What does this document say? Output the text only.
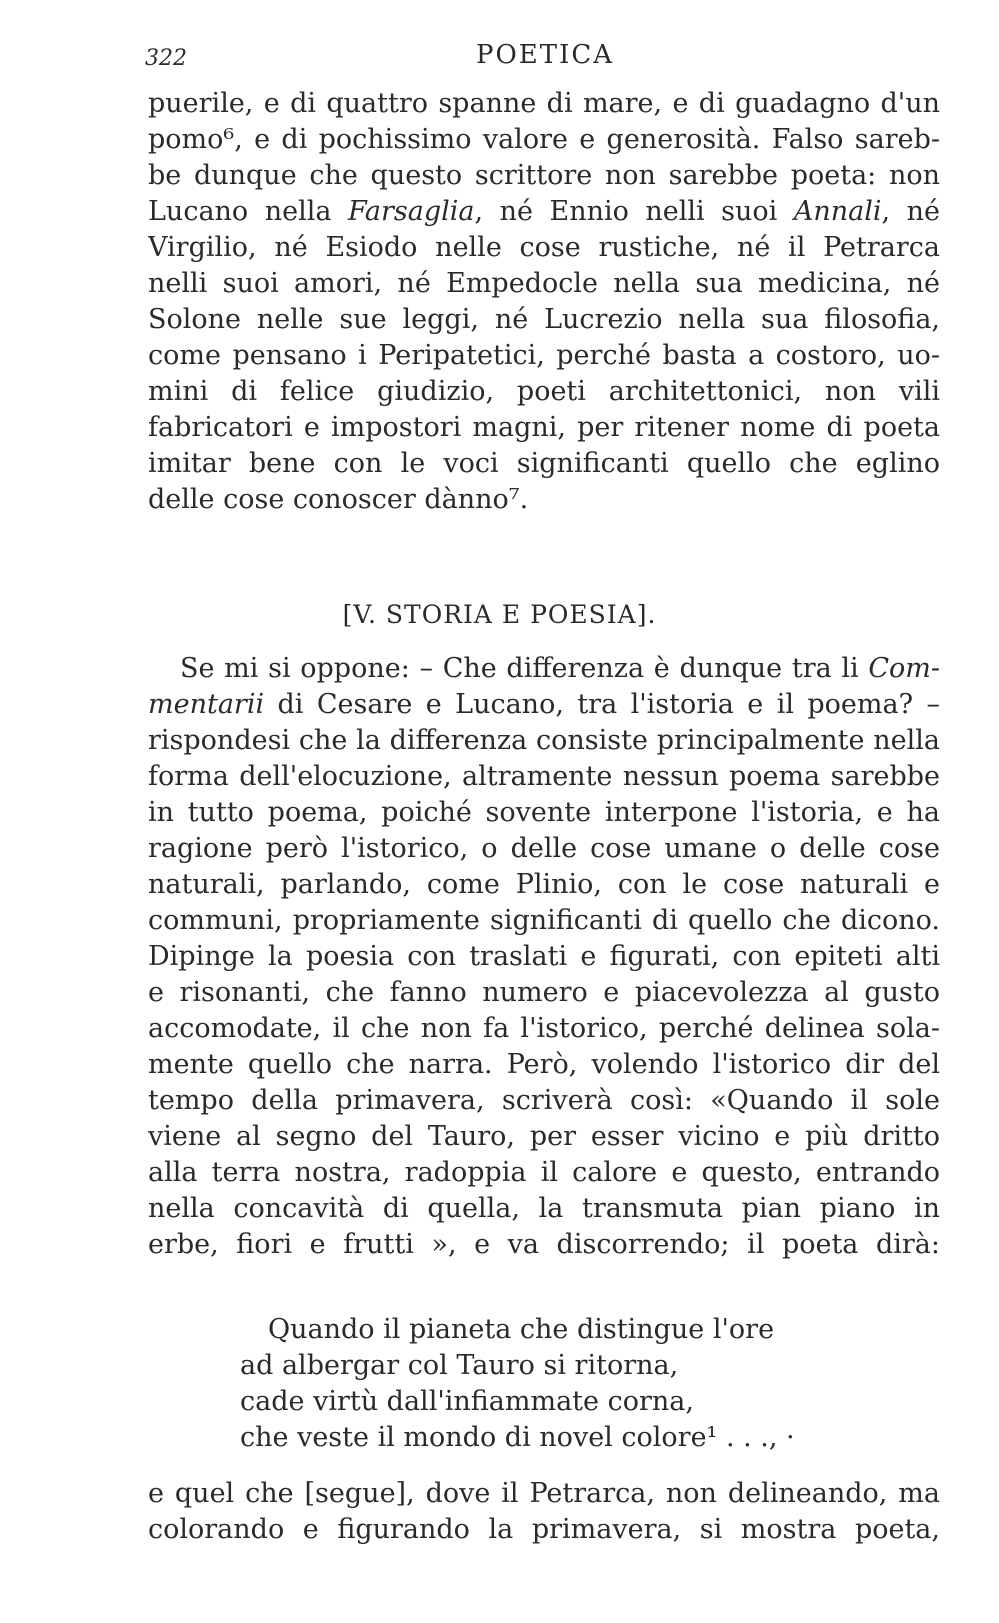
322	POETICA
puerile, e di quattro spanne di mare, e di guadagno d'un
pomo⁶, e di pochissimo valore e generosità. Falso sareb‐
be dunque che questo scrittore non sarebbe poeta: non
Lucano nella Farsaglia, né Ennio nelli suoi Annali, né
Virgilio, né Esiodo nelle cose rustiche, né il Petrarca
nelli suoi amori, né Empedocle nella sua medicina, né
Solone nelle sue leggi, né Lucrezio nella sua filosofia,
come pensano i Peripatetici, perché basta a costoro, uo‐
mini di felice giudizio, poeti architettonici, non vili
fabricatori e impostori magni, per ritener nome di poeta
imitar bene con le voci significanti quello che eglino
delle cose conoscer dànno⁷.
[V. STORIA E POESIA].
Se mi si oppone: – Che differenza è dunque tra li Com‐
mentarii di Cesare e Lucano, tra l'istoria e il poema? –
rispondesi che la differenza consiste principalmente nella
forma dell'elocuzione, altramente nessun poema sarebbe
in tutto poema, poiché sovente interpone l'istoria, e ha
ragione però l'istorico, o delle cose umane o delle cose
naturali, parlando, come Plinio, con le cose naturali e
communi, propriamente significanti di quello che dicono.
Dipinge la poesia con traslati e figurati, con epiteti alti
e risonanti, che fanno numero e piacevolezza al gusto
accomodate, il che non fa l'istorico, perché delinea sola‐
mente quello che narra. Però, volendo l'istorico dir del
tempo della primavera, scriverà così: «Quando il sole
viene al segno del Tauro, per esser vicino e più dritto
alla terra nostra, radoppia il calore e questo, entrando
nella concavità di quella, la transmuta pian piano in
erbe, fiori e frutti », e va discorrendo; il poeta dirà:
Quando il pianeta che distingue l'ore
ad albergar col Tauro si ritorna,
cade virtù dall'infiammate corna,
che veste il mondo di novel colore¹ . . ., ·
e quel che [segue], dove il Petrarca, non delineando, ma
colorando e figurando la primavera, si mostra poeta,
